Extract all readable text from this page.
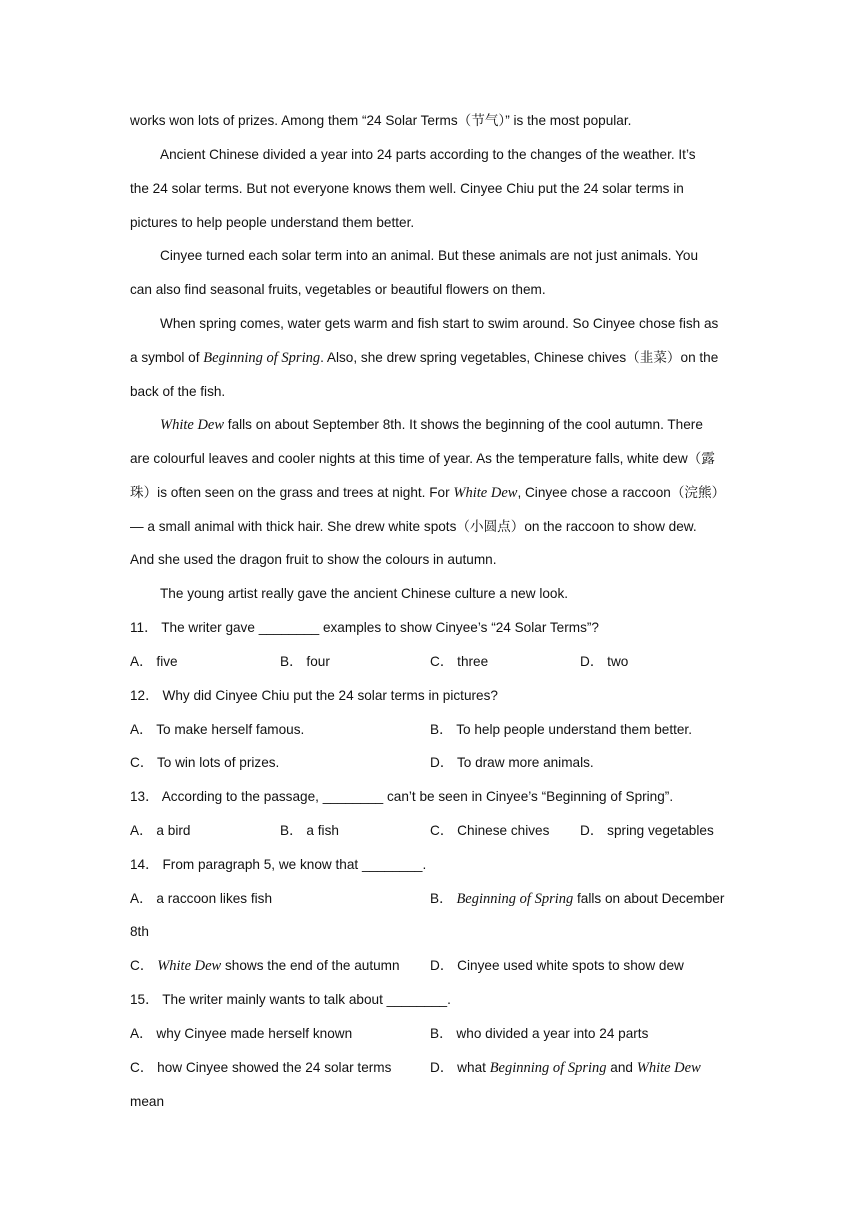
works won lots of prizes. Among them “24 Solar Terms（节气）” is the most popular.
Ancient Chinese divided a year into 24 parts according to the changes of the weather. It’s
the 24 solar terms. But not everyone knows them well. Cinyee Chiu put the 24 solar terms in
pictures to help people understand them better.
Cinyee turned each solar term into an animal. But these animals are not just animals. You
can also find seasonal fruits, vegetables or beautiful flowers on them.
When spring comes, water gets warm and fish start to swim around. So Cinyee chose fish as
a symbol of Beginning of Spring. Also, she drew spring vegetables, Chinese chives（韭菜）on the
back of the fish.
White Dew falls on about September 8th. It shows the beginning of the cool autumn. There
are colourful leaves and cooler nights at this time of year. As the temperature falls, white dew（露
珠）is often seen on the grass and trees at night. For White Dew, Cinyee chose a raccoon（浣熊）
— a small animal with thick hair. She drew white spots（小圆点）on the raccoon to show dew.
And she used the dragon fruit to show the colours in autumn.
The young artist really gave the ancient Chinese culture a new look.
11． The writer gave ________ examples to show Cinyee’s “24 Solar Terms”?
A． five	B． four	C． three	D． two
12． Why did Cinyee Chiu put the 24 solar terms in pictures?
A． To make herself famous.	B． To help people understand them better.
C． To win lots of prizes.	D． To draw more animals.
13． According to the passage, ________ can’t be seen in Cinyee’s “Beginning of Spring”.
A． a bird	B． a fish	C． Chinese chives D． spring vegetables
14． From paragraph 5, we know that ________.
A． a raccoon likes fish	B． Beginning of Spring falls on about December
8th
C． White Dew shows the end of the autumn D． Cinyee used white spots to show dew
15． The writer mainly wants to talk about ________.
A． why Cinyee made herself known	B． who divided a year into 24 parts
C． how Cinyee showed the 24 solar terms	D． what Beginning of Spring and White Dew
mean
